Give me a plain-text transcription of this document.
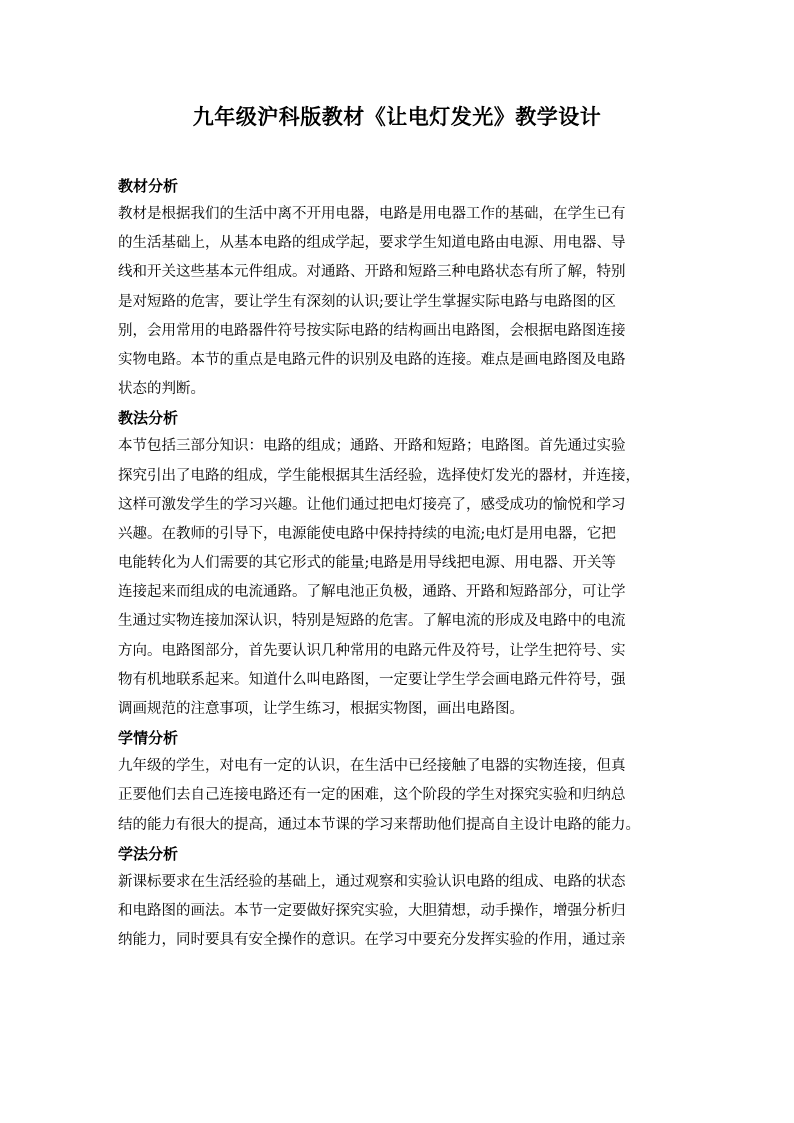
九年级沪科版教材《让电灯发光》教学设计
教材分析
教材是根据我们的生活中离不开用电器，电路是用电器工作的基础，在学生已有
的生活基础上，从基本电路的组成学起，要求学生知道电路由电源、用电器、导
线和开关这些基本元件组成。对通路、开路和短路三种电路状态有所了解，特别
是对短路的危害，要让学生有深刻的认识;要让学生掌握实际电路与电路图的区
别，会用常用的电路器件符号按实际电路的结构画出电路图，会根据电路图连接
实物电路。本节的重点是电路元件的识别及电路的连接。难点是画电路图及电路
状态的判断。
教法分析
本节包括三部分知识：电路的组成；通路、开路和短路；电路图。首先通过实验
探究引出了电路的组成，学生能根据其生活经验，选择使灯发光的器材，并连接，
这样可激发学生的学习兴趣。让他们通过把电灯接亮了，感受成功的愉悦和学习
兴趣。在教师的引导下，电源能使电路中保持持续的电流;电灯是用电器，它把
电能转化为人们需要的其它形式的能量;电路是用导线把电源、用电器、开关等
连接起来而组成的电流通路。了解电池正负极，通路、开路和短路部分，可让学
生通过实物连接加深认识，特别是短路的危害。了解电流的形成及电路中的电流
方向。电路图部分，首先要认识几种常用的电路元件及符号，让学生把符号、实
物有机地联系起来。知道什么叫电路图，一定要让学生学会画电路元件符号，强
调画规范的注意事项，让学生练习，根据实物图，画出电路图。
学情分析
九年级的学生，对电有一定的认识，在生活中已经接触了电器的实物连接，但真
正要他们去自己连接电路还有一定的困难，这个阶段的学生对探究实验和归纳总
结的能力有很大的提高，通过本节课的学习来帮助他们提高自主设计电路的能力。
学法分析
新课标要求在生活经验的基础上，通过观察和实验认识电路的组成、电路的状态
和电路图的画法。本节一定要做好探究实验，大胆猜想，动手操作，增强分析归
纳能力，同时要具有安全操作的意识。在学习中要充分发挥实验的作用，通过亲
